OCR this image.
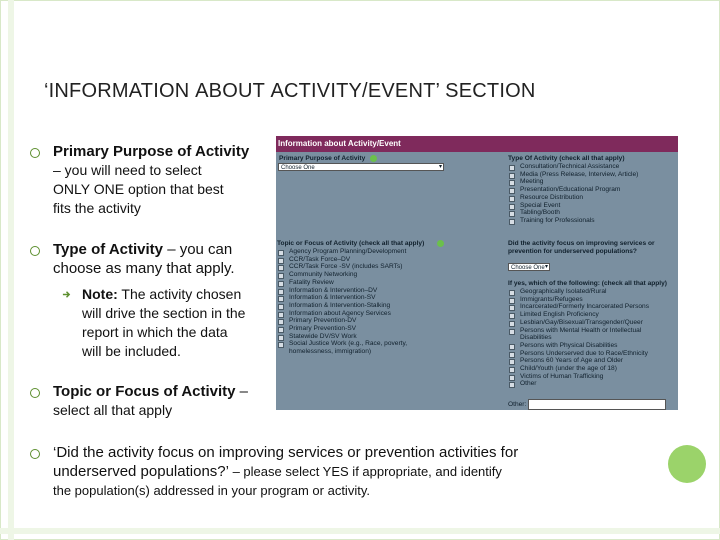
‘INFORMATION ABOUT ACTIVITY/EVENT’ SECTION
Primary Purpose of Activity
– you will need to select
ONLY ONE option that best
fits the activity
Type of Activity – you can
choose as many that apply.
Note: The activity chosen
will drive the section in the
report in which the data
will be included.
Topic or Focus of Activity –
select all that apply
‘Did the activity focus on improving services or prevention activities for
underserved populations?’ – please select YES if appropriate, and identify
the population(s) addressed in your program or activity.
Information about Activity/Event
Primary Purpose of Activity
Choose One ▾
Type Of Activity (check all that apply)
Consultation/Technical Assistance
Media (Press Release, Interview, Article)
Meeting
Presentation/Educational Program
Resource Distribution
Special Event
Tabling/Booth
Training for Professionals
Topic or Focus of Activity (check all that apply)
Agency Program Planning/Development
CCR/Task Force–DV
CCR/Task Force -SV (includes SARTs)
Community Networking
Fatality Review
Information & Intervention–DV
Information & Intervention-SV
Information & Intervention-Stalking
Information about Agency Services
Primary Prevention-DV
Primary Prevention-SV
Statewide DV/SV Work
Social Justice Work (e.g., Race, poverty,
homelessness, immigration)
Did the activity focus on improving services or
prevention for underserved populations?
Choose One ▾
If yes, which of the following: (check all that apply)
Geographically Isolated/Rural
Immigrants/Refugees
Incarcerated/Formerly Incarcerated Persons
Limited English Proficiency
Lesbian/Gay/Bisexual/Transgender/Queer
Persons with Mental Health or Intellectual
Disabilities
Persons with Physical Disabilities
Persons Underserved due to Race/Ethnicity
Persons 60 Years of Age and Older
Child/Youth (under the age of 18)
Victims of Human Trafficking
Other
Other:
